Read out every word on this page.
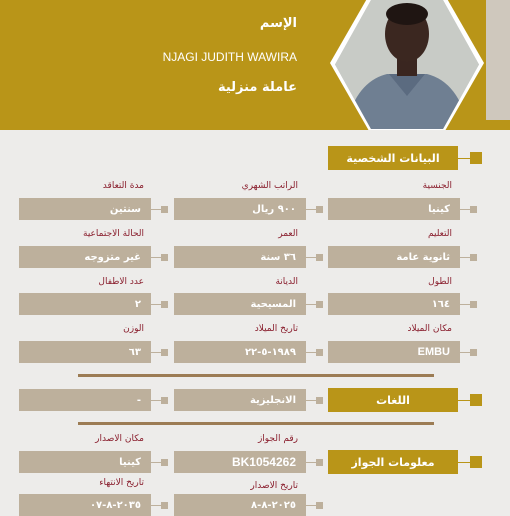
الإسم
NJAGI JUDITH WAWIRA
عاملة منزلية
البيانات الشخصية
الجنسية
كينيا
الراتب الشهري
٩٠٠ ريال
مدة التعاقد
سنتين
التعليم
ثانوية عامة
العمر
٣٦ سنة
الحالة الاجتماعية
غير متزوجه
الطول
١٦٤
الديانة
المسيحية
عدد الاطفال
٢
مكان الميلاد
EMBU
تاريخ الميلاد
١٩٨٩-٥-٢٢
الوزن
٦٣
اللغات
الانجليزية
-
معلومات الجواز
رقم الجواز
BK1054262
مكان الاصدار
كينيا
تاريخ الاصدار
٢٠٢٥-٨-٨
تاريخ الانتهاء
٢٠٣٥-٨-٠٧
